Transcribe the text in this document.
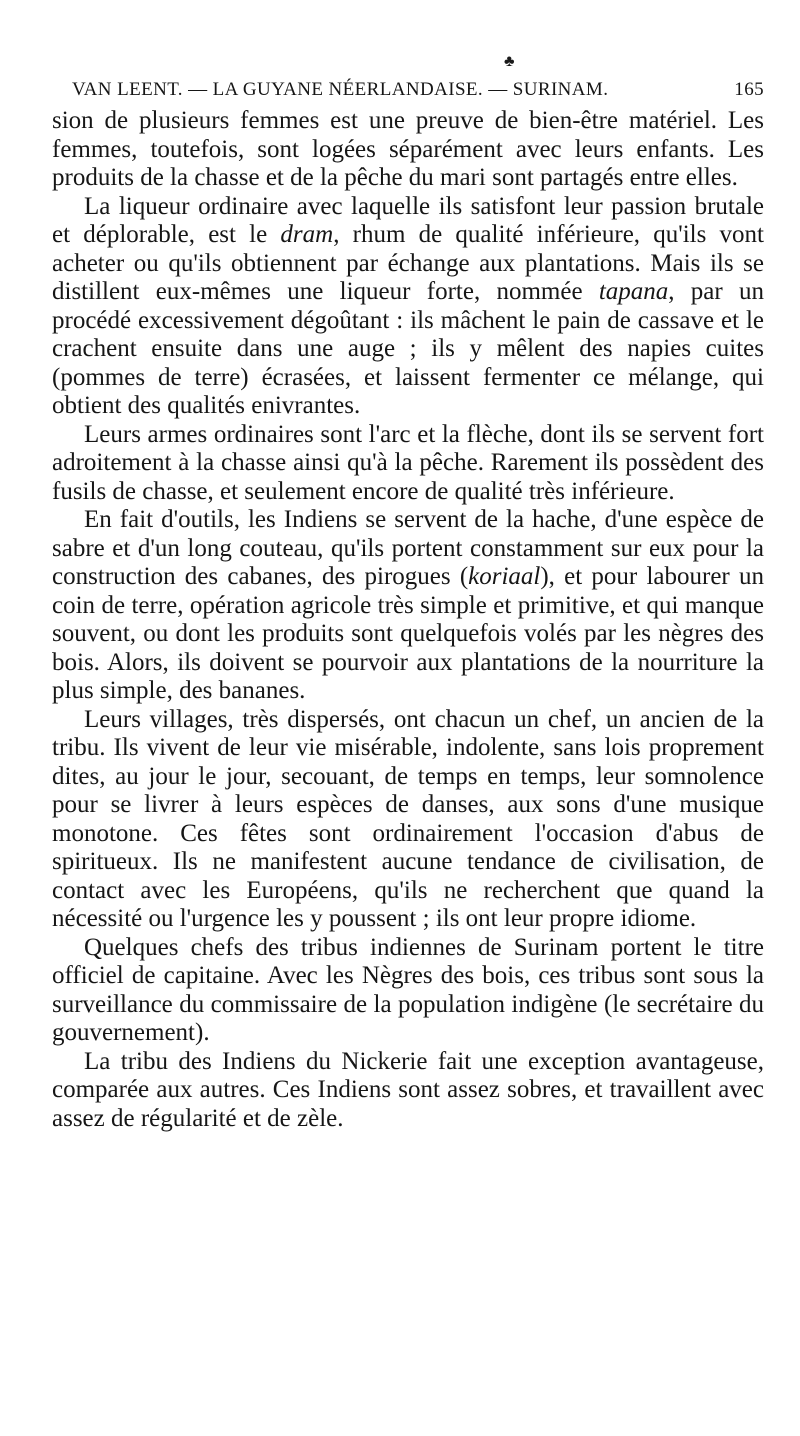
♣
VAN LEENT. — LA GUYANE NÉERLANDAISE. — SURINAM.	165

sion de plusieurs femmes est une preuve de bien-être matériel. Les femmes, toutefois, sont logées séparément avec leurs enfants. Les produits de la chasse et de la pêche du mari sont partagés entre elles.

La liqueur ordinaire avec laquelle ils satisfont leur passion brutale et déplorable, est le dram, rhum de qualité inférieure, qu'ils vont acheter ou qu'ils obtiennent par échange aux plantations. Mais ils se distillent eux-mêmes une liqueur forte, nommée tapana, par un procédé excessivement dégoûtant : ils mâchent le pain de cassave et le crachent ensuite dans une auge ; ils y mêlent des napies cuites (pommes de terre) écrasées, et laissent fermenter ce mélange, qui obtient des qualités enivrantes.

Leurs armes ordinaires sont l'arc et la flèche, dont ils se servent fort adroitement à la chasse ainsi qu'à la pêche. Rarement ils possèdent des fusils de chasse, et seulement encore de qualité très inférieure.

En fait d'outils, les Indiens se servent de la hache, d'une espèce de sabre et d'un long couteau, qu'ils portent constamment sur eux pour la construction des cabanes, des pirogues (koriaal), et pour labourer un coin de terre, opération agricole très simple et primitive, et qui manque souvent, ou dont les produits sont quelquefois volés par les nègres des bois. Alors, ils doivent se pourvoir aux plantations de la nourriture la plus simple, des bananes.

Leurs villages, très dispersés, ont chacun un chef, un ancien de la tribu. Ils vivent de leur vie misérable, indolente, sans lois proprement dites, au jour le jour, secouant, de temps en temps, leur somnolence pour se livrer à leurs espèces de danses, aux sons d'une musique monotone. Ces fêtes sont ordinairement l'occasion d'abus de spiritueux. Ils ne manifestent aucune tendance de civilisation, de contact avec les Européens, qu'ils ne recherchent que quand la nécessité ou l'urgence les y poussent ; ils ont leur propre idiome.

Quelques chefs des tribus indiennes de Surinam portent le titre officiel de capitaine. Avec les Nègres des bois, ces tribus sont sous la surveillance du commissaire de la population indigène (le secrétaire du gouvernement).

La tribu des Indiens du Nickerie fait une exception avantageuse, comparée aux autres. Ces Indiens sont assez sobres, et travaillent avec assez de régularité et de zèle.
